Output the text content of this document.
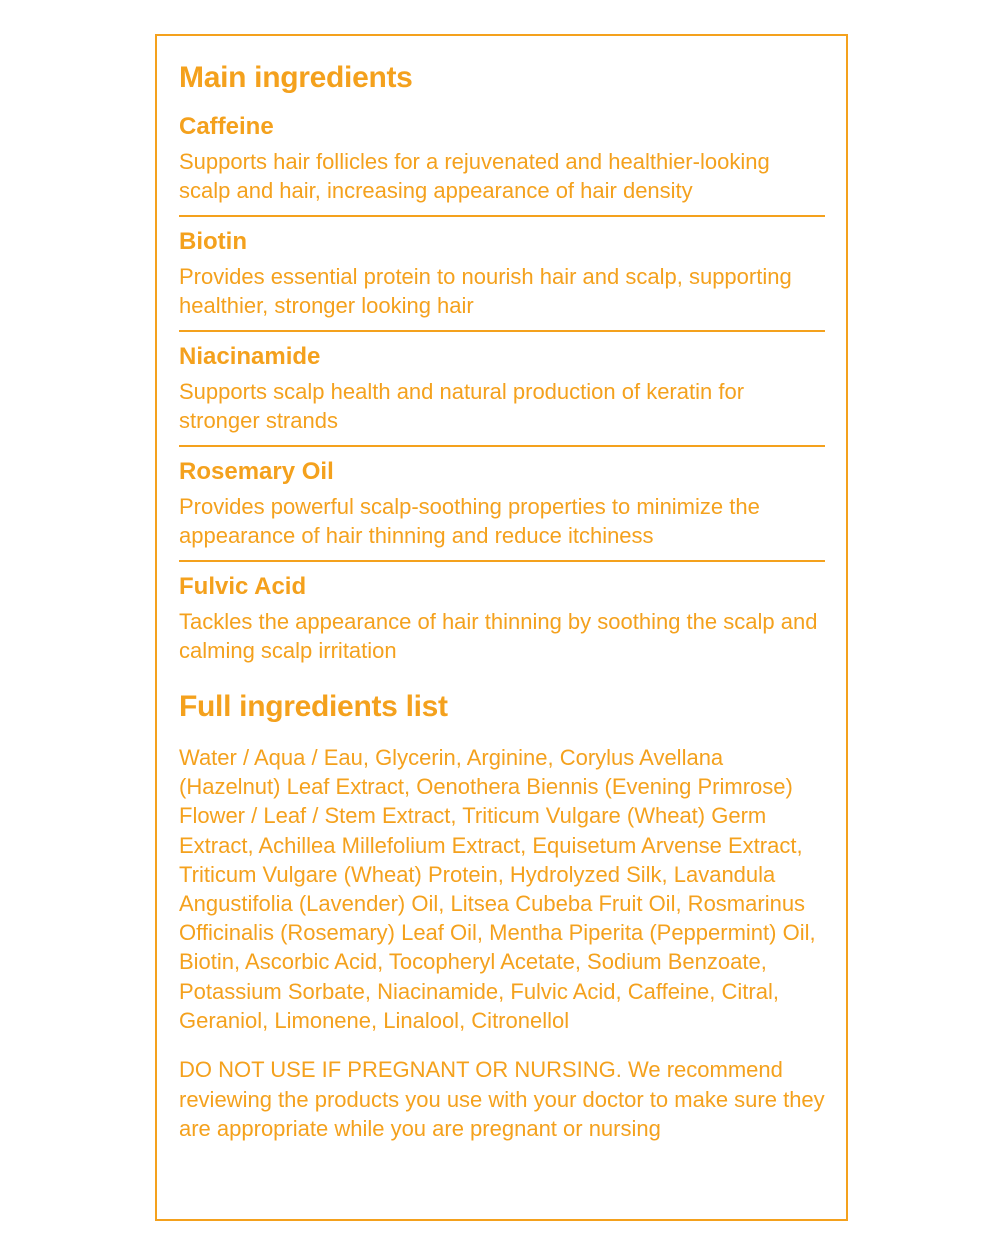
Main ingredients
Caffeine

Supports hair follicles for a rejuvenated and healthier-looking scalp and hair, increasing appearance of hair density

Biotin

Provides essential protein to nourish hair and scalp, supporting healthier, stronger looking hair

Niacinamide

Supports scalp health and natural production of keratin for stronger strands

Rosemary Oil

Provides powerful scalp-soothing properties to minimize the appearance of hair thinning and reduce itchiness

Fulvic Acid

Tackles the appearance of hair thinning by soothing the scalp and calming scalp irritation

Full ingredients list

Water / Aqua / Eau, Glycerin, Arginine, Corylus Avellana (Hazelnut) Leaf Extract, Oenothera Biennis (Evening Primrose) Flower / Leaf / Stem Extract, Triticum Vulgare (Wheat) Germ Extract, Achillea Millefolium Extract, Equisetum Arvense Extract, Triticum Vulgare (Wheat) Protein, Hydrolyzed Silk, Lavandula Angustifolia (Lavender) Oil, Litsea Cubeba Fruit Oil, Rosmarinus Officinalis (Rosemary) Leaf Oil, Mentha Piperita (Peppermint) Oil, Biotin, Ascorbic Acid, Tocopheryl Acetate, Sodium Benzoate, Potassium Sorbate, Niacinamide, Fulvic Acid, Caffeine, Citral, Geraniol, Limonene, Linalool, Citronellol

DO NOT USE IF PREGNANT OR NURSING. We recommend reviewing the products you use with your doctor to make sure they are appropriate while you are pregnant or nursing
